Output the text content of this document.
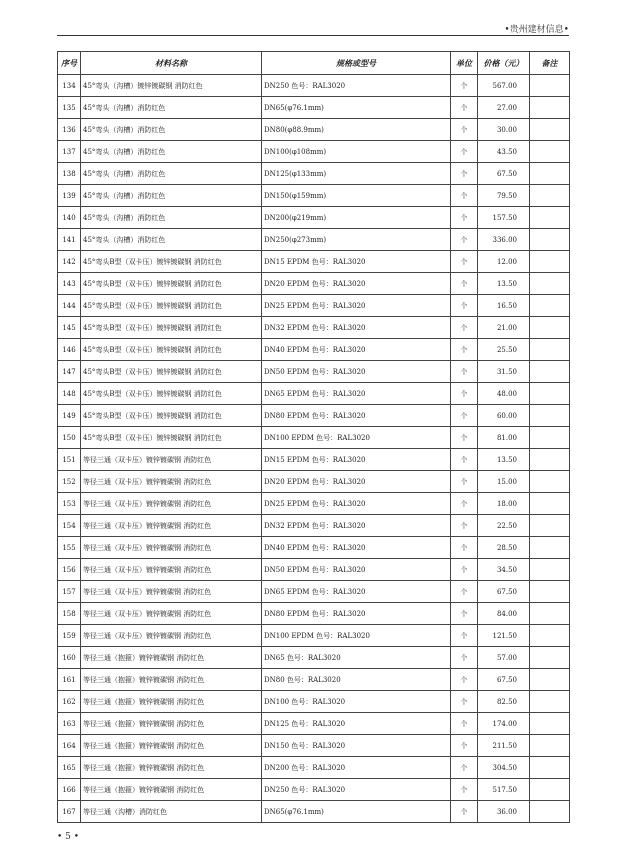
•贵州建材信息•
序号	材料名称	规格或型号	单位	价格（元）	备注
134	45°弯头（沟槽）镀锌镀碳钢 消防红色	DN250 色号：RAL3020	个	567.00	
135	45°弯头（沟槽）消防红色	DN65(φ76.1mm)	个	27.00	
136	45°弯头（沟槽）消防红色	DN80(φ88.9mm)	个	30.00	
137	45°弯头（沟槽）消防红色	DN100(φ108mm)	个	43.50	
138	45°弯头（沟槽）消防红色	DN125(φ133mm)	个	67.50	
139	45°弯头（沟槽）消防红色	DN150(φ159mm)	个	79.50	
140	45°弯头（沟槽）消防红色	DN200(φ219mm)	个	157.50	
141	45°弯头（沟槽）消防红色	DN250(φ273mm)	个	336.00	
142	45°弯头B型（双卡压）镀锌镀碳钢 消防红色	DN15 EPDM 色号：RAL3020	个	12.00	
143	45°弯头B型（双卡压）镀锌镀碳钢 消防红色	DN20 EPDM 色号：RAL3020	个	13.50	
144	45°弯头B型（双卡压）镀锌镀碳钢 消防红色	DN25 EPDM 色号：RAL3020	个	16.50	
145	45°弯头B型（双卡压）镀锌镀碳钢 消防红色	DN32 EPDM 色号：RAL3020	个	21.00	
146	45°弯头B型（双卡压）镀锌镀碳钢 消防红色	DN40 EPDM 色号：RAL3020	个	25.50	
147	45°弯头B型（双卡压）镀锌镀碳钢 消防红色	DN50 EPDM 色号：RAL3020	个	31.50	
148	45°弯头B型（双卡压）镀锌镀碳钢 消防红色	DN65 EPDM 色号：RAL3020	个	48.00	
149	45°弯头B型（双卡压）镀锌镀碳钢 消防红色	DN80 EPDM 色号：RAL3020	个	60.00	
150	45°弯头B型（双卡压）镀锌镀碳钢 消防红色	DN100 EPDM 色号：RAL3020	个	81.00	
151	等径三通（双卡压）镀锌镀碳钢 消防红色	DN15 EPDM 色号：RAL3020	个	13.50	
152	等径三通（双卡压）镀锌镀碳钢 消防红色	DN20 EPDM 色号：RAL3020	个	15.00	
153	等径三通（双卡压）镀锌镀碳钢 消防红色	DN25 EPDM 色号：RAL3020	个	18.00	
154	等径三通（双卡压）镀锌镀碳钢 消防红色	DN32 EPDM 色号：RAL3020	个	22.50	
155	等径三通（双卡压）镀锌镀碳钢 消防红色	DN40 EPDM 色号：RAL3020	个	28.50	
156	等径三通（双卡压）镀锌镀碳钢 消防红色	DN50 EPDM 色号：RAL3020	个	34.50	
157	等径三通（双卡压）镀锌镀碳钢 消防红色	DN65 EPDM 色号：RAL3020	个	67.50	
158	等径三通（双卡压）镀锌镀碳钢 消防红色	DN80 EPDM 色号：RAL3020	个	84.00	
159	等径三通（双卡压）镀锌镀碳钢 消防红色	DN100 EPDM 色号：RAL3020	个	121.50	
160	等径三通（抱箍）镀锌镀碳钢 消防红色	DN65 色号：RAL3020	个	57.00	
161	等径三通（抱箍）镀锌镀碳钢 消防红色	DN80 色号：RAL3020	个	67.50	
162	等径三通（抱箍）镀锌镀碳钢 消防红色	DN100 色号：RAL3020	个	82.50	
163	等径三通（抱箍）镀锌镀碳钢 消防红色	DN125 色号：RAL3020	个	174.00	
164	等径三通（抱箍）镀锌镀碳钢 消防红色	DN150 色号：RAL3020	个	211.50	
165	等径三通（抱箍）镀锌镀碳钢 消防红色	DN200 色号：RAL3020	个	304.50	
166	等径三通（抱箍）镀锌镀碳钢 消防红色	DN250 色号：RAL3020	个	517.50	
167	等径三通（沟槽）消防红色	DN65(φ76.1mm)	个	36.00	
• 5 •
